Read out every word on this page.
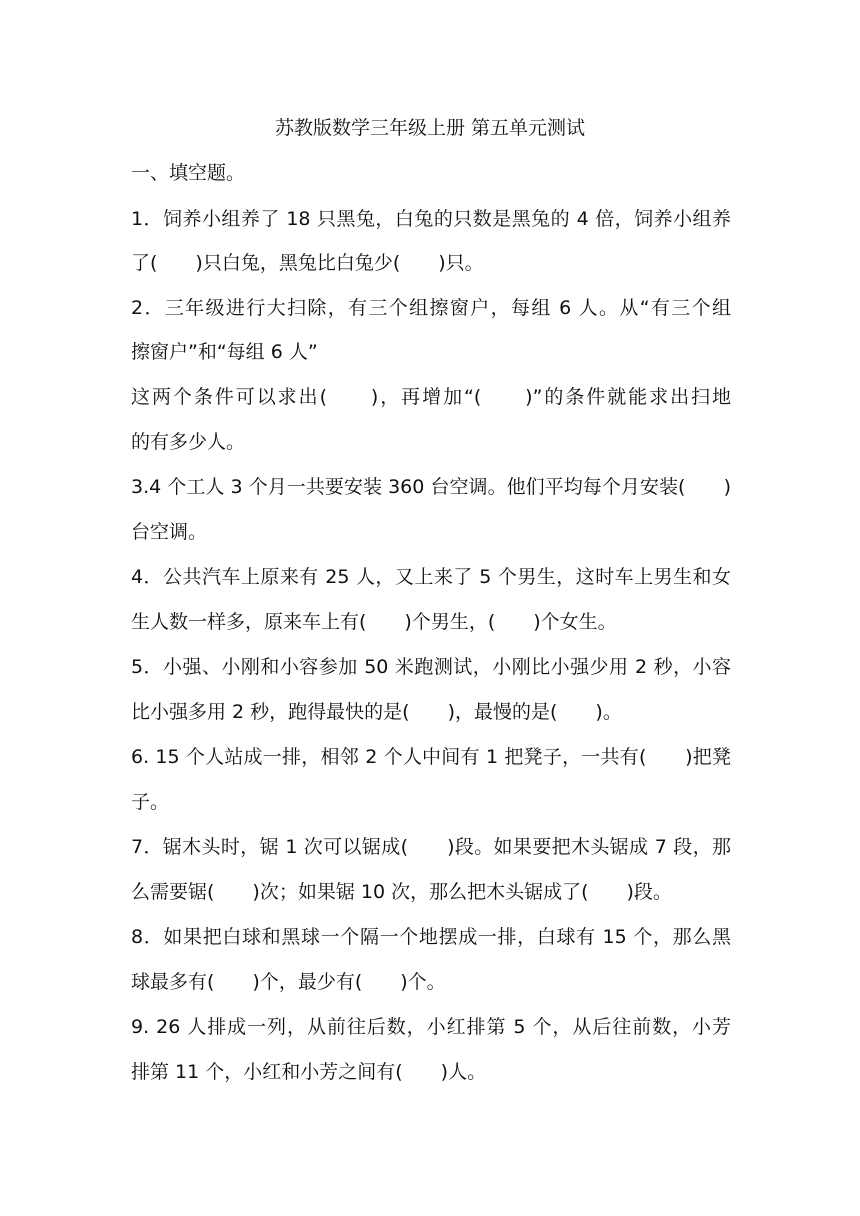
苏教版数学三年级上册 第五单元测试
一、填空题。
1．饲养小组养了 18 只黑兔，白兔的只数是黑兔的 4 倍，饲养小组养
了(　　)只白兔，黑兔比白兔少(　　)只。
2．三年级进行大扫除，有三个组擦窗户，每组 6 人。从“有三个组
擦窗户”和“每组 6 人”
这两个条件可以求出(　　)，再增加“(　　)”的条件就能求出扫地
的有多少人。
3.4 个工人 3 个月一共要安装 360 台空调。他们平均每个月安装(　　)
台空调。
4．公共汽车上原来有 25 人，又上来了 5 个男生，这时车上男生和女
生人数一样多，原来车上有(　　)个男生，(　　)个女生。
5．小强、小刚和小容参加 50 米跑测试，小刚比小强少用 2 秒，小容
比小强多用 2 秒，跑得最快的是(　　)，最慢的是(　　)。
6. 15 个人站成一排，相邻 2 个人中间有 1 把凳子，一共有(　　)把凳
子。
7．锯木头时，锯 1 次可以锯成(　　)段。如果要把木头锯成 7 段，那
么需要锯(　　)次；如果锯 10 次，那么把木头锯成了(　　)段。
8．如果把白球和黑球一个隔一个地摆成一排，白球有 15 个，那么黑
球最多有(　　)个，最少有(　　)个。
9. 26 人排成一列，从前往后数，小红排第 5 个，从后往前数，小芳
排第 11 个，小红和小芳之间有(　　)人。
